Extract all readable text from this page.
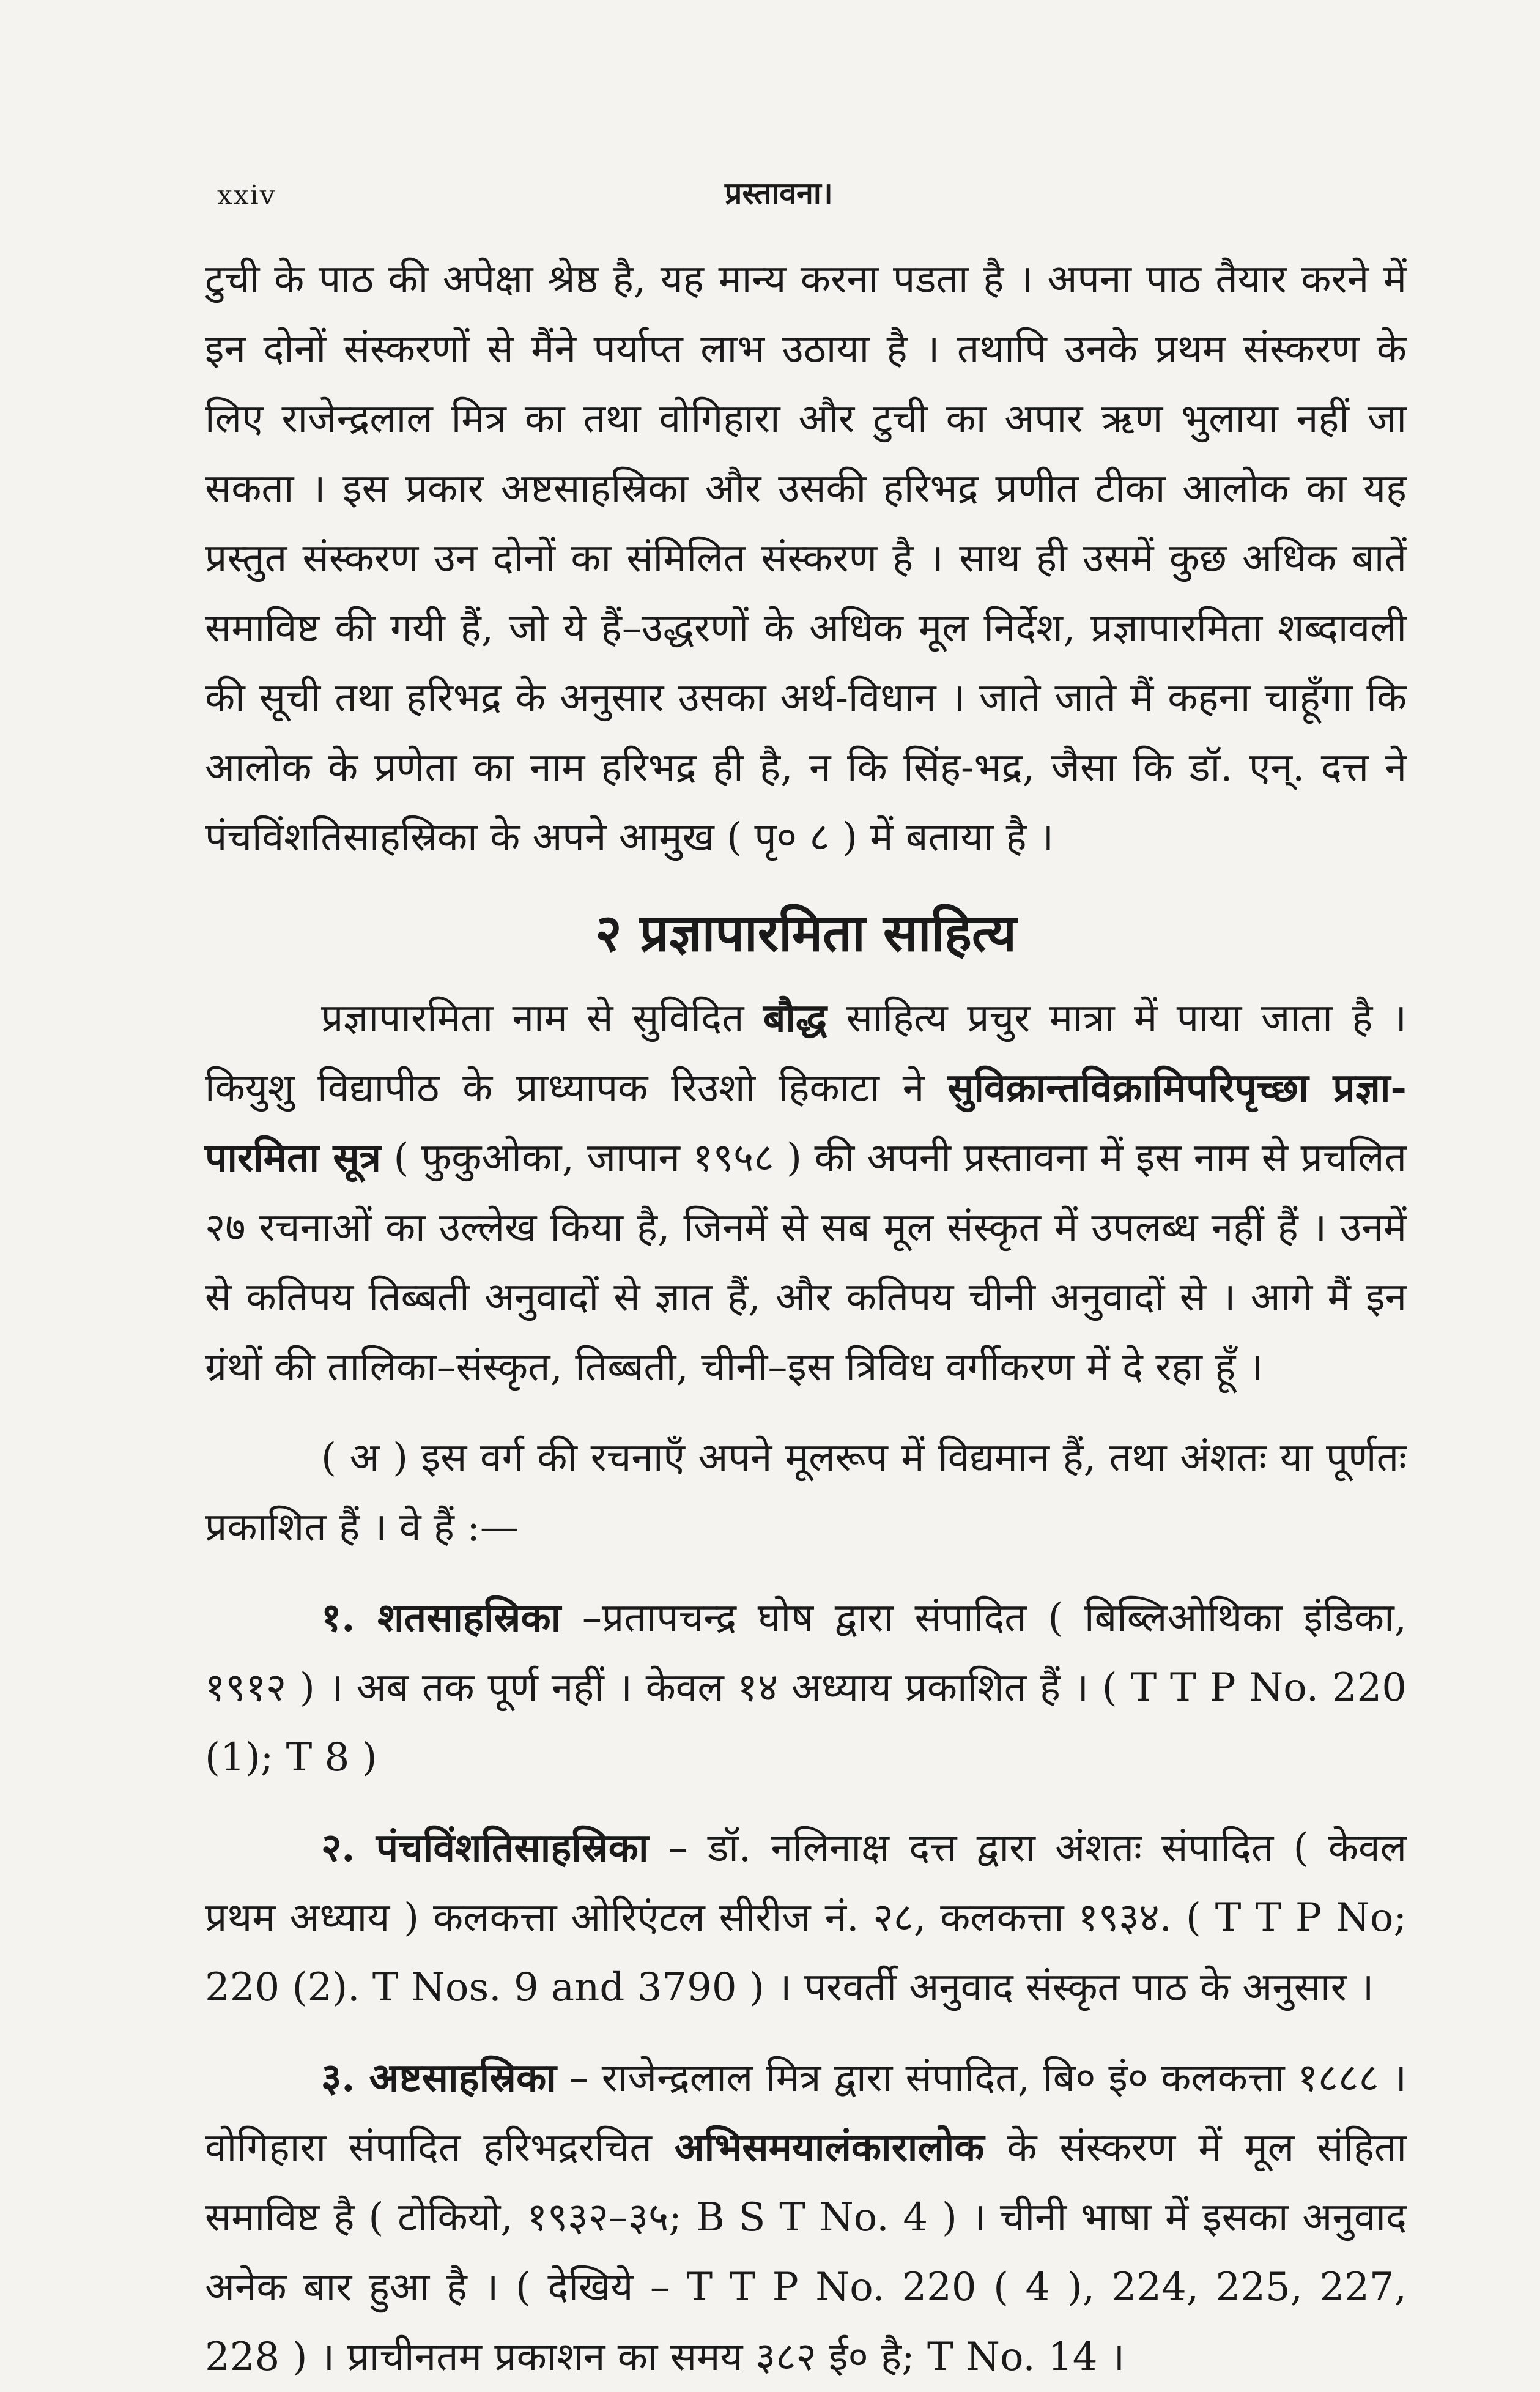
xxiv	प्रस्तावना।

टुची के पाठ की अपेक्षा श्रेष्ठ है, यह मान्य करना पडता है । अपना पाठ तैयार करने में इन दोनों संस्करणों से मैंने पर्याप्त लाभ उठाया है । तथापि उनके प्रथम संस्करण के लिए राजेन्द्रलाल मित्र का तथा वोगिहारा और टुची का अपार ऋण भुलाया नहीं जा सकता । इस प्रकार अष्टसाहस्रिका और उसकी हरिभद्र प्रणीत टीका आलोक का यह प्रस्तुत संस्करण उन दोनों का संमिलित संस्करण है । साथ ही उसमें कुछ अधिक बातें समाविष्ट की गयी हैं, जो ये हैं–उद्धरणों के अधिक मूल निर्देश, प्रज्ञापारमिता शब्दावली की सूची तथा हरिभद्र के अनुसार उसका अर्थ-विधान । जाते जाते मैं कहना चाहूँगा कि आलोक के प्रणेता का नाम हरिभद्र ही है, न कि सिंह-भद्र, जैसा कि डॉ. एन्. दत्त ने पंचविंशतिसाहस्रिका के अपने आमुख ( पृ० ८ ) में बताया है ।

२ प्रज्ञापारमिता साहित्य

प्रज्ञापारमिता नाम से सुविदित बौद्ध साहित्य प्रचुर मात्रा में पाया जाता है । कियुशु विद्यापीठ के प्राध्यापक रिउशो हिकाटा ने सुविक्रान्तविक्रामिपरिपृच्छा प्रज्ञा-पारमिता सूत्र ( फुकुओका, जापान १९५८ ) की अपनी प्रस्तावना में इस नाम से प्रचलित २७ रचनाओं का उल्लेख किया है, जिनमें से सब मूल संस्कृत में उपलब्ध नहीं हैं । उनमें से कतिपय तिब्बती अनुवादों से ज्ञात हैं, और कतिपय चीनी अनुवादों से । आगे मैं इन ग्रंथों की तालिका–संस्कृत, तिब्बती, चीनी–इस त्रिविध वर्गीकरण में दे रहा हूँ ।

( अ ) इस वर्ग की रचनाएँ अपने मूलरूप में विद्यमान हैं, तथा अंशतः या पूर्णतः प्रकाशित हैं । वे हैं :—

१. शतसाहस्रिका –प्रतापचन्द्र घोष द्वारा संपादित ( बिब्लिओथिका इंडिका, १९१२ ) । अब तक पूर्ण नहीं । केवल १४ अध्याय प्रकाशित हैं । ( T T P No. 220 (1); T 8 )

२. पंचविंशतिसाहस्रिका – डॉ. नलिनाक्ष दत्त द्वारा अंशतः संपादित ( केवल प्रथम अध्याय ) कलकत्ता ओरिएंटल सीरीज नं. २८, कलकत्ता १९३४. ( T T P No; 220 (2). T Nos. 9 and 3790 ) । परवर्ती अनुवाद संस्कृत पाठ के अनुसार ।

३. अष्टसाहस्रिका – राजेन्द्रलाल मित्र द्वारा संपादित, बि० इं० कलकत्ता १८८८ । वोगिहारा संपादित हरिभद्ररचित अभिसमयालंकारालोक के संस्करण में मूल संहिता समाविष्ट है ( टोकियो, १९३२–३५; B S T No. 4 ) । चीनी भाषा में इसका अनुवाद अनेक बार हुआ है । ( देखिये – T T P No. 220 ( 4 ), 224, 225, 227, 228 ) । प्राचीनतम प्रकाशन का समय ३८२ ई० है; T No. 14 ।
